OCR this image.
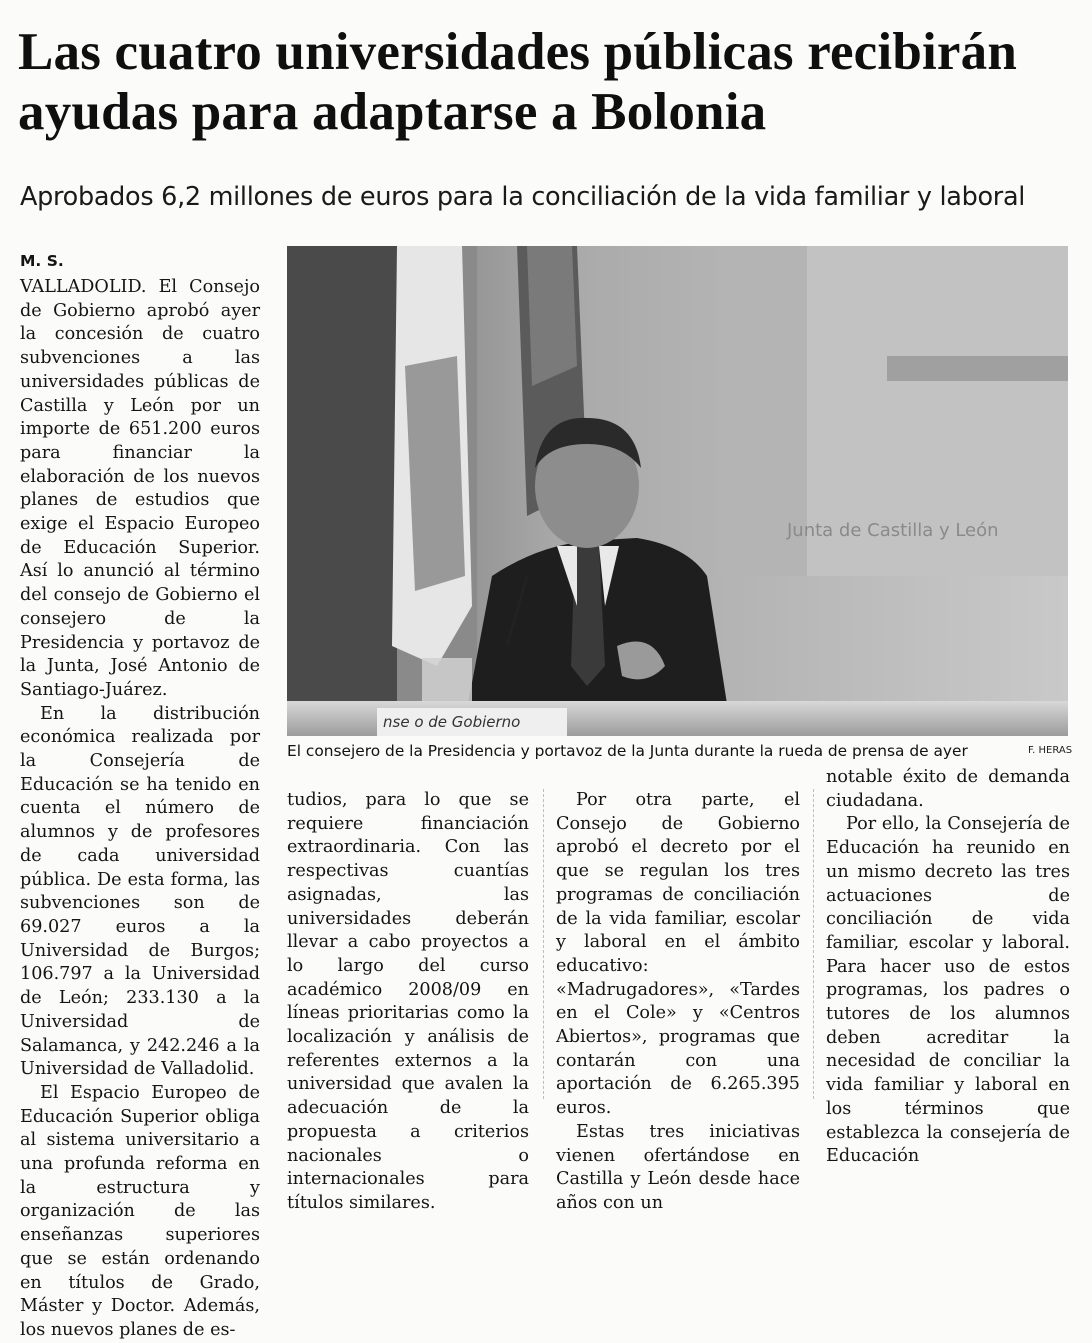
Las cuatro universidades públicas recibirán ayudas para adaptarse a Bolonia

Aprobados 6,2 millones de euros para la conciliación de la vida familiar y laboral

M. S.

VALLADOLID. El Consejo de Gobierno aprobó ayer la concesión de cuatro subvenciones a las universidades públicas de Castilla y León por un importe de 651.200 euros para financiar la elaboración de los nuevos planes de estudios que exige el Espacio Europeo de Educación Superior. Así lo anunció al término del consejo de Gobierno el consejero de la Presidencia y portavoz de la Junta, José Antonio de Santiago-Juárez.

En la distribución económica realizada por la Consejería de Educación se ha tenido en cuenta el número de alumnos y de profesores de cada universidad pública. De esta forma, las subvenciones son de 69.027 euros a la Universidad de Burgos; 106.797 a la Universidad de León; 233.130 a la Universidad de Salamanca, y 242.246 a la Universidad de Valladolid.

El Espacio Europeo de Educación Superior obliga al sistema universitario a una profunda reforma en la estructura y organización de las enseñanzas superiores que se están ordenando en títulos de Grado, Máster y Doctor. Además, los nuevos planes de es-

Junta de Castilla y León
nse o de Gobierno
El consejero de la Presidencia y portavoz de la Junta durante la rueda de prensa de ayer	F. HERAS

tudios, para lo que se requiere financiación extraordinaria. Con las respectivas cuantías asignadas, las universidades deberán llevar a cabo proyectos a lo largo del curso académico 2008/09 en líneas prioritarias como la localización y análisis de referentes externos a la universidad que avalen la adecuación de la propuesta a criterios nacionales o internacionales para títulos similares.

Por otra parte, el Consejo de Gobierno aprobó el decreto por el que se regulan los tres programas de conciliación de la vida familiar, escolar y laboral en el ámbito educativo: «Madrugadores», «Tardes en el Cole» y «Centros Abiertos», programas que contarán con una aportación de 6.265.395 euros.

Estas tres iniciativas vienen ofertándose en Castilla y León desde hace años con un

notable éxito de demanda ciudadana.

Por ello, la Consejería de Educación ha reunido en un mismo decreto las tres actuaciones de conciliación de vida familiar, escolar y laboral. Para hacer uso de estos programas, los padres o tutores de los alumnos deben acreditar la necesidad de conciliar la vida familiar y laboral en los términos que establezca la consejería de Educación
